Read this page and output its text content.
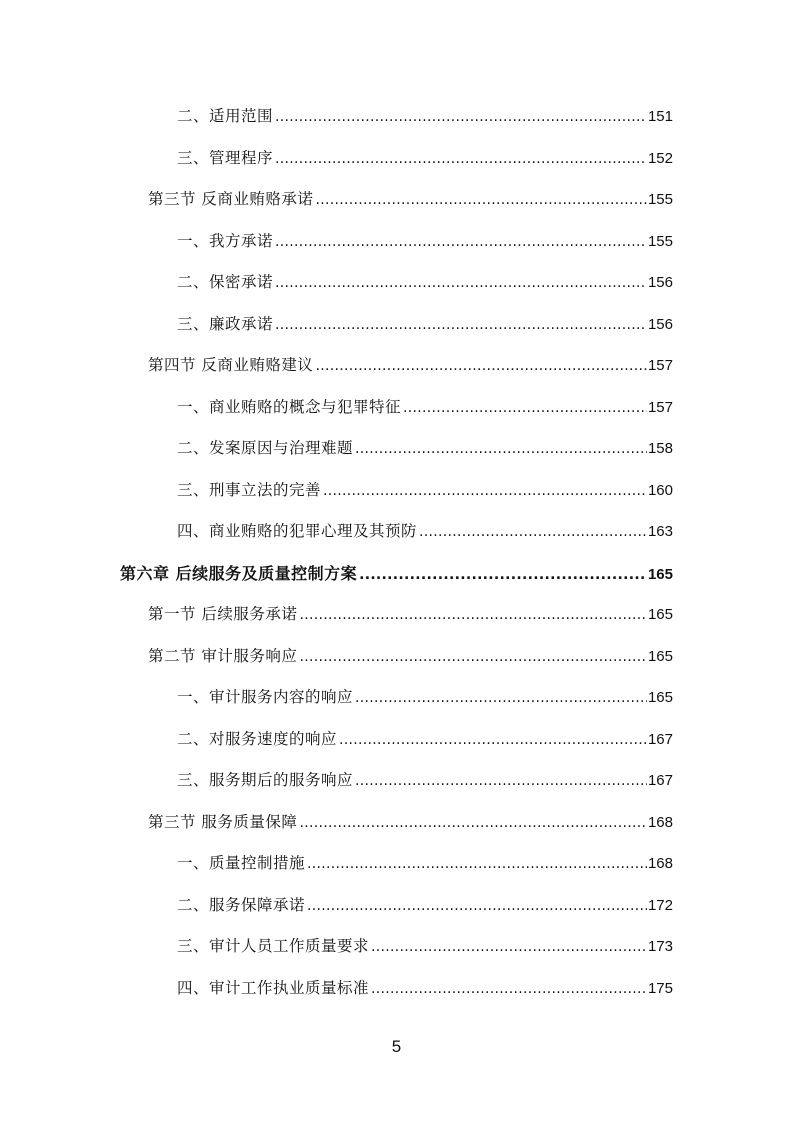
二、适用范围 .....	151
三、管理程序 .....	152
第三节 反商业贿赂承诺 .....	155
一、我方承诺 .....	155
二、保密承诺 .....	156
三、廉政承诺 .....	156
第四节 反商业贿赂建议 .....	157
一、商业贿赂的概念与犯罪特征 .....	157
二、发案原因与治理难题 .....	158
三、刑事立法的完善 .....	160
四、商业贿赂的犯罪心理及其预防 .....	163
第六章 后续服务及质量控制方案 .....	165
第一节 后续服务承诺 .....	165
第二节 审计服务响应 .....	165
一、审计服务内容的响应 .....	165
二、对服务速度的响应 .....	167
三、服务期后的服务响应 .....	167
第三节 服务质量保障 .....	168
一、质量控制措施 .....	168
二、服务保障承诺 .....	172
三、审计人员工作质量要求 .....	173
四、审计工作执业质量标准 .....	175
5
